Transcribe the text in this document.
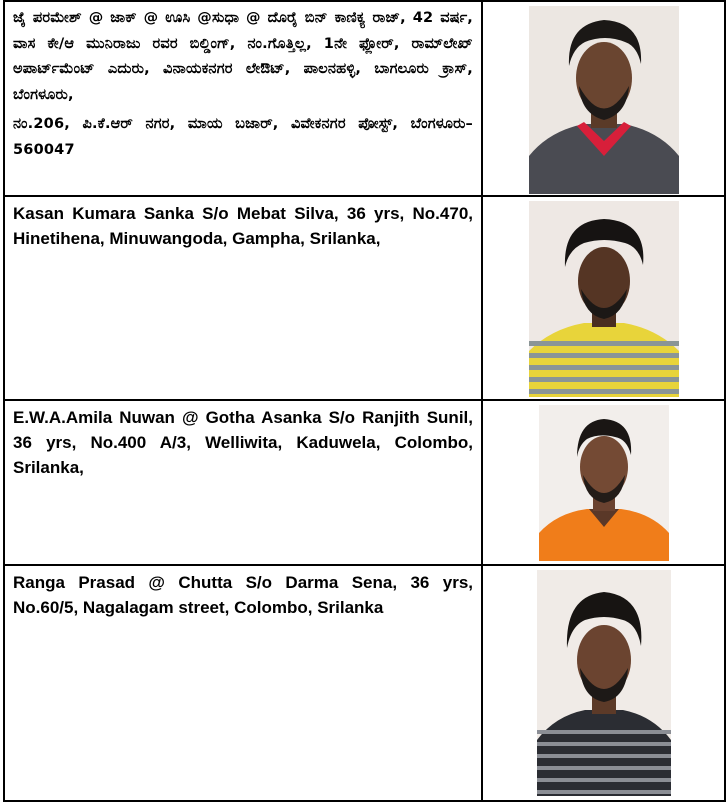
ಜೈ ಪರಮೇಶ್ @ ಜಾಕ್ @ ಊಸಿ @ಸುಧಾ @ ದೊರೈ ಬಿನ್ ಕಾಣಿಕ್ಯ ರಾಜ್, 42 ವರ್ಷ, ವಾಸ ಕೇ/ಆ ಮುನಿರಾಜು ರವರ ಬಿಲ್ಡಿಂಗ್, ನಂ.ಗೊತ್ತಿಲ್ಲ, 1ನೇ ಫ್ಲೋರ್, ರಾಮ್‌ಲೇಖ್ ಅಪಾರ್ಟ್‌ಮೆಂಟ್ ಎದುರು, ವಿನಾಯಕನಗರ ಲೇಔಟ್, ಪಾಲನಹಳ್ಳಿ, ಬಾಗಲೂರು ಕ್ರಾಸ್, ಬೆಂಗಳೂರು,
ನಂ.206, ಪಿ.ಕೆ.ಆರ್ ನಗರ, ಮಾಯ ಬಜಾರ್, ವಿವೇಕನಗರ ಪೋಸ್ಟ್, ಬೆಂಗಳೂರು–560047

Kasan Kumara Sanka S/o Mebat Silva, 36 yrs, No.470, Hinetihena, Minuwangoda, Gampha, Srilanka,

E.W.A.Amila Nuwan @ Gotha Asanka S/o Ranjith Sunil, 36 yrs, No.400 A/3, Welliwita, Kaduwela, Colombo, Srilanka,

Ranga Prasad @ Chutta S/o Darma Sena, 36 yrs, No.60/5, Nagalagam street, Colombo, Srilanka
